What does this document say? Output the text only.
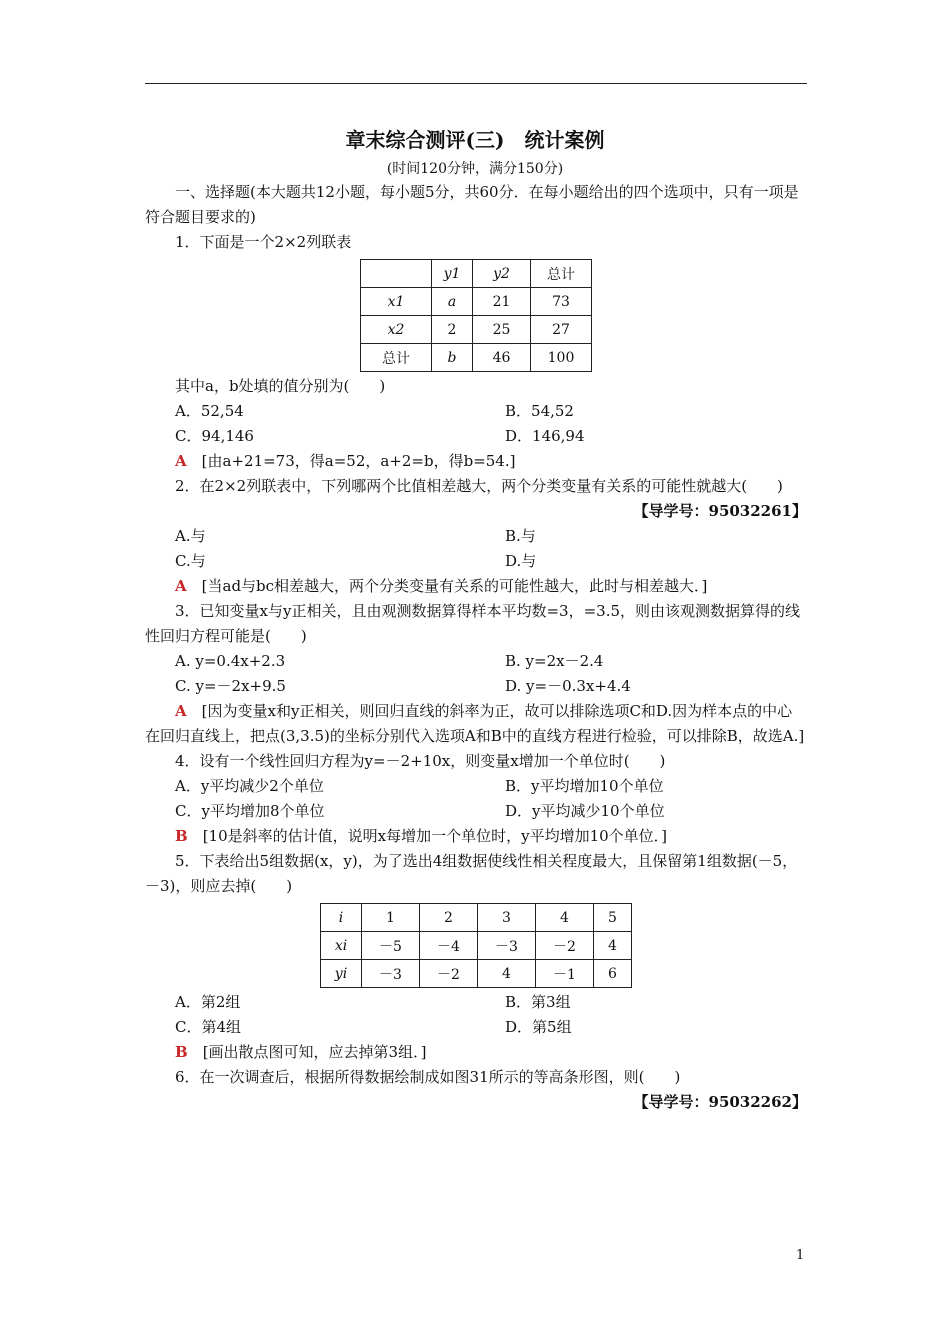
章末综合测评(三)　统计案例
(时间120分钟，满分150分)

一、选择题(本大题共12小题，每小题5分，共60分．在每小题给出的四个选项中，只有一项是符合题目要求的)

1．下面是一个2×2列联表

	y1	y2	总计
x1	a	21	73
x2	2	25	27
总计	b	46	100

其中a，b处填的值分别为(　　)

A．52,54	B．54,52
C．94,146	D．146,94

A　 [由a+21=73，得a=52，a+2=b，得b=54.]

2．在2×2列联表中，下列哪两个比值相差越大，两个分类变量有关系的可能性就越大(　　)

【导学号：95032261】
A.与	B.与
C.与	D.与

A　 [当ad与bc相差越大，两个分类变量有关系的可能性越大，此时与相差越大．]

3．已知变量x与y正相关，且由观测数据算得样本平均数=3，=3.5，则由该观测数据算得的线性回归方程可能是(　　)

A. y=0.4x+2.3	B. y=2x－2.4
C. y=－2x+9.5	D. y=－0.3x+4.4

A　 [因为变量x和y正相关，则回归直线的斜率为正，故可以排除选项C和D.因为样本点的中心在回归直线上，把点(3,3.5)的坐标分别代入选项A和B中的直线方程进行检验，可以排除B，故选A.]

4．设有一个线性回归方程为y=－2+10x，则变量x增加一个单位时(　　)

A．y平均减少2个单位	B．y平均增加10个单位
C．y平均增加8个单位	D．y平均减少10个单位

B　 [10是斜率的估计值，说明x每增加一个单位时，y平均增加10个单位．]

5．下表给出5组数据(x，y)，为了选出4组数据使线性相关程度最大，且保留第1组数据(－5，－3)，则应去掉(　　)

i	1	2	3	4	5
xi	－5	－4	－3	－2	4
yi	－3	－2	4	－1	6
A．第2组	B．第3组
C．第4组	D．第5组

B　 [画出散点图可知，应去掉第3组．]

6．在一次调查后，根据所得数据绘制成如图31所示的等高条形图，则(　　)

【导学号：95032262】
1
